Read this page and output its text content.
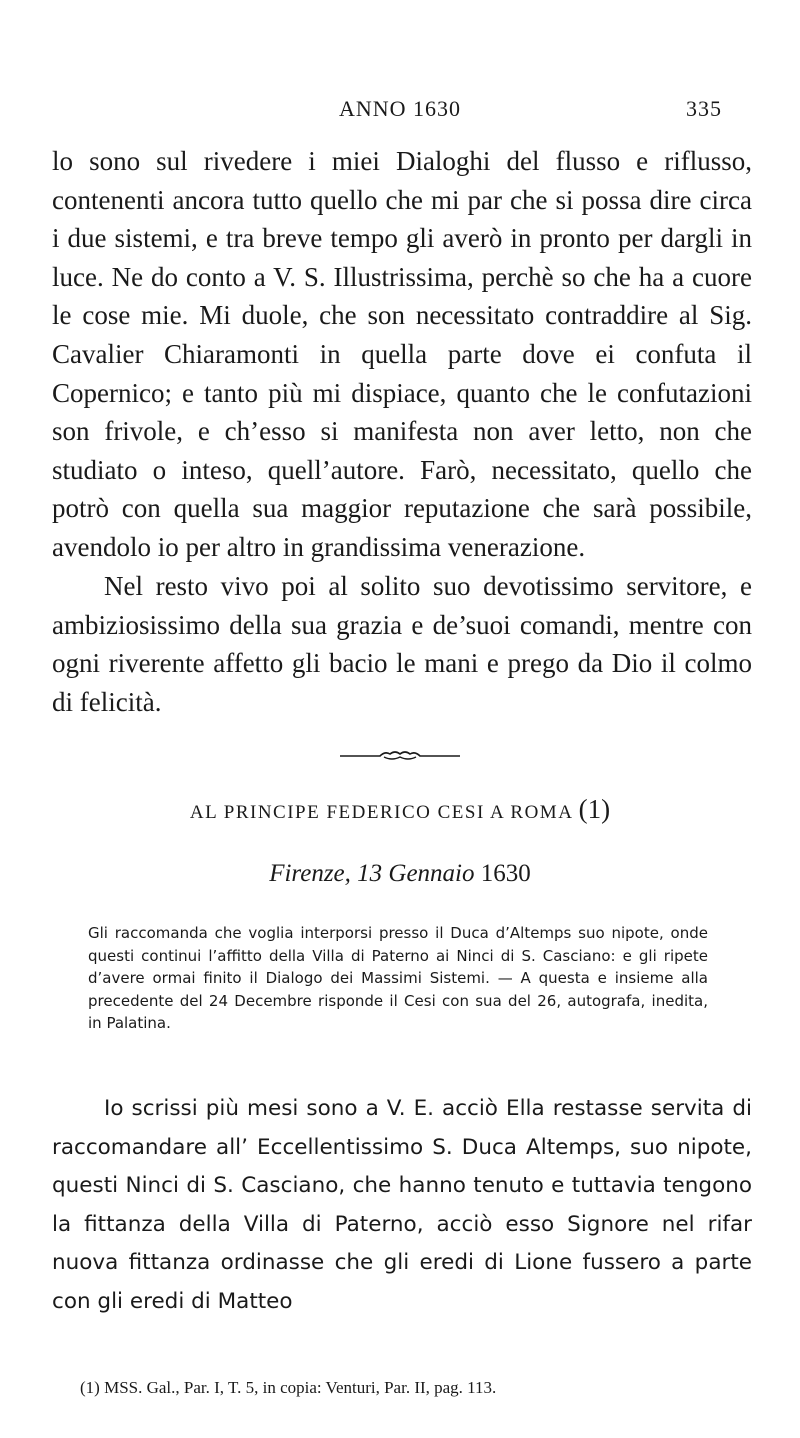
ANNO 1630	335

lo sono sul rivedere i miei Dialoghi del flusso e riflusso, contenenti ancora tutto quello che mi par che si possa dire circa i due sistemi, e tra breve tempo gli averò in pronto per dargli in luce. Ne do conto a V. S. Illustrissima, perchè so che ha a cuore le cose mie. Mi duole, che son necessitato contraddire al Sig. Cavalier Chiaramonti in quella parte dove ei confuta il Copernico; e tanto più mi dispiace, quanto che le confutazioni son frivole, e ch’esso si manifesta non aver letto, non che studiato o inteso, quell’autore. Farò, necessitato, quello che potrò con quella sua maggior reputazione che sarà possibile, avendolo io per altro in grandissima venerazione.

Nel resto vivo poi al solito suo devotissimo servitore, e ambiziosissimo della sua grazia e de’suoi comandi, mentre con ogni riverente affetto gli bacio le mani e prego da Dio il colmo di felicità.

AL PRINCIPE FEDERICO CESI A ROMA (1)
Firenze, 13 Gennaio 1630
Gli raccomanda che voglia interporsi presso il Duca d’Altemps suo nipote, onde questi continui l’affitto della Villa di Paterno ai Ninci di S. Casciano: e gli ripete d’avere ormai finito il Dialogo dei Massimi Sistemi. — A questa e insieme alla precedente del 24 Decembre risponde il Cesi con sua del 26, autografa, inedita, in Palatina.

Io scrissi più mesi sono a V. E. acciò Ella restasse servita di raccomandare all’ Eccellentissimo S. Duca Altemps, suo nipote, questi Ninci di S. Casciano, che hanno tenuto e tuttavia tengono la fittanza della Villa di Paterno, acciò esso Signore nel rifar nuova fittanza ordinasse che gli eredi di Lione fussero a parte con gli eredi di Matteo

(1) MSS. Gal., Par. I, T. 5, in copia: Venturi, Par. II, pag. 113.
